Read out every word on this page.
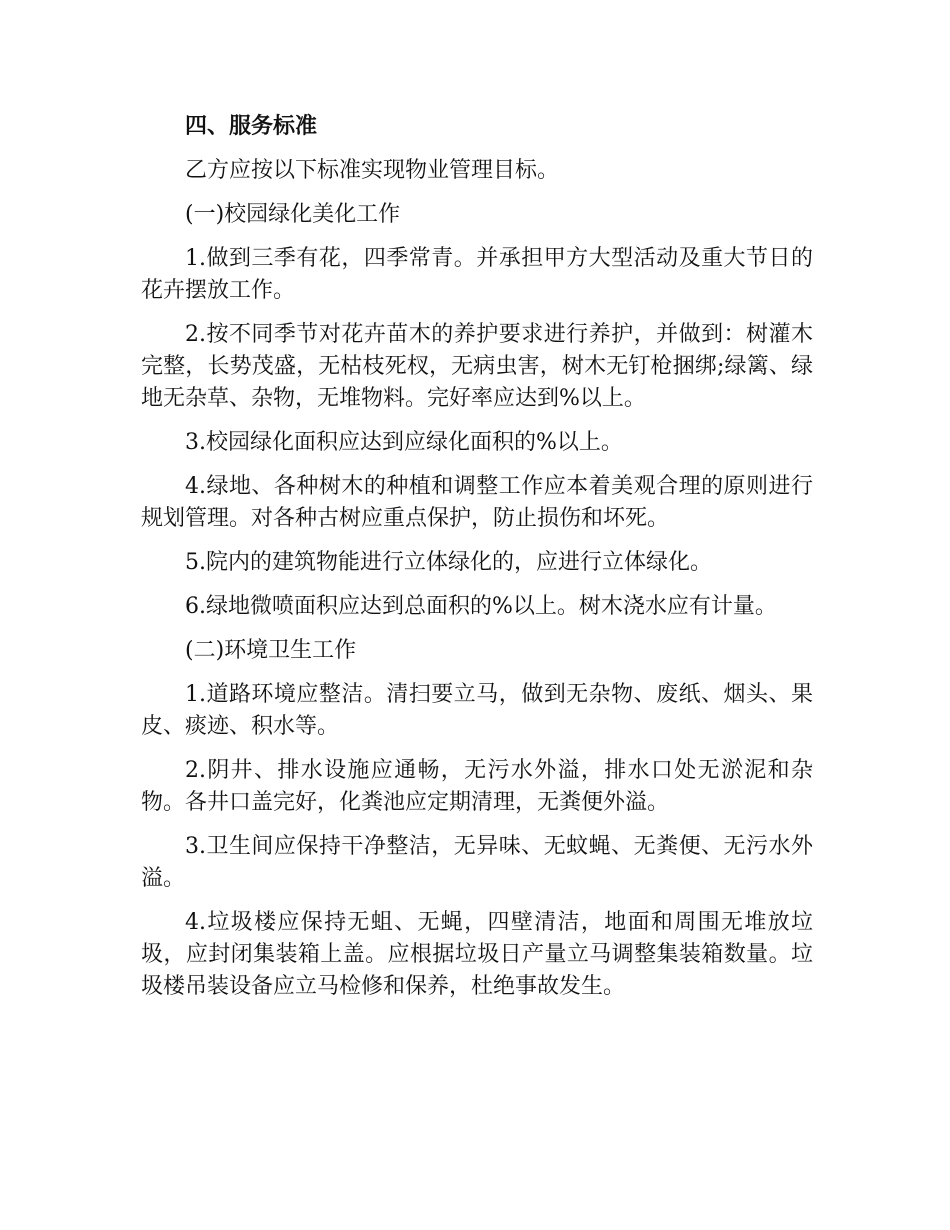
四、服务标准

乙方应按以下标准实现物业管理目标。

(一)校园绿化美化工作

1.做到三季有花，四季常青。并承担甲方大型活动及重大节日的花卉摆放工作。

2.按不同季节对花卉苗木的养护要求进行养护，并做到：树灌木完整，长势茂盛，无枯枝死杈，无病虫害，树木无钉枪捆绑;绿篱、绿地无杂草、杂物，无堆物料。完好率应达到%以上。

3.校园绿化面积应达到应绿化面积的%以上。

4.绿地、各种树木的种植和调整工作应本着美观合理的原则进行规划管理。对各种古树应重点保护，防止损伤和坏死。

5.院内的建筑物能进行立体绿化的，应进行立体绿化。

6.绿地微喷面积应达到总面积的%以上。树木浇水应有计量。

(二)环境卫生工作

1.道路环境应整洁。清扫要立马，做到无杂物、废纸、烟头、果皮、痰迹、积水等。

2.阴井、排水设施应通畅，无污水外溢，排水口处无淤泥和杂物。各井口盖完好，化粪池应定期清理，无粪便外溢。

3.卫生间应保持干净整洁，无异味、无蚊蝇、无粪便、无污水外溢。

4.垃圾楼应保持无蛆、无蝇，四壁清洁，地面和周围无堆放垃圾，应封闭集装箱上盖。应根据垃圾日产量立马调整集装箱数量。垃圾楼吊装设备应立马检修和保养，杜绝事故发生。
